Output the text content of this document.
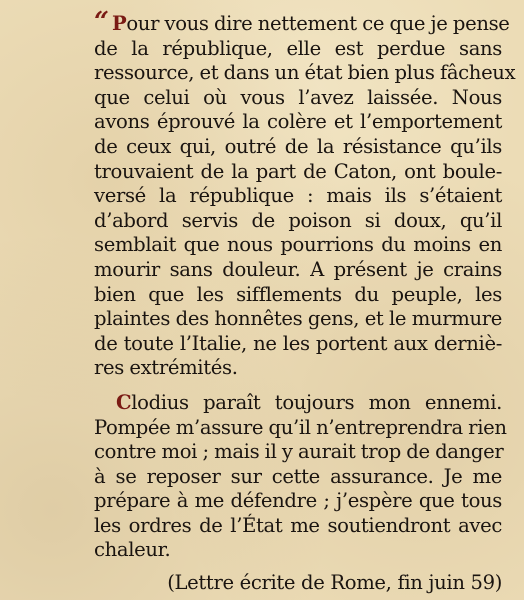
“ Pour vous dire nettement ce que je pense
de la république, elle est perdue sans
ressource, et dans un état bien plus fâcheux
que celui où vous l’avez laissée. Nous
avons éprouvé la colère et l’emportement
de ceux qui, outré de la résistance qu’ils
trouvaient de la part de Caton, ont boule-
versé la république : mais ils s’étaient
d’abord servis de poison si doux, qu’il
semblait que nous pourrions du moins en
mourir sans douleur. A présent je crains
bien que les sifflements du peuple, les
plaintes des honnêtes gens, et le murmure
de toute l’Italie, ne les portent aux derniè-
res extrémités.
Clodius paraît toujours mon ennemi.
Pompée m’assure qu’il n’entreprendra rien
contre moi ; mais il y aurait trop de danger
à se reposer sur cette assurance. Je me
prépare à me défendre ; j’espère que tous
les ordres de l’État me soutiendront avec
chaleur.
(Lettre écrite de Rome, fin juin 59)
